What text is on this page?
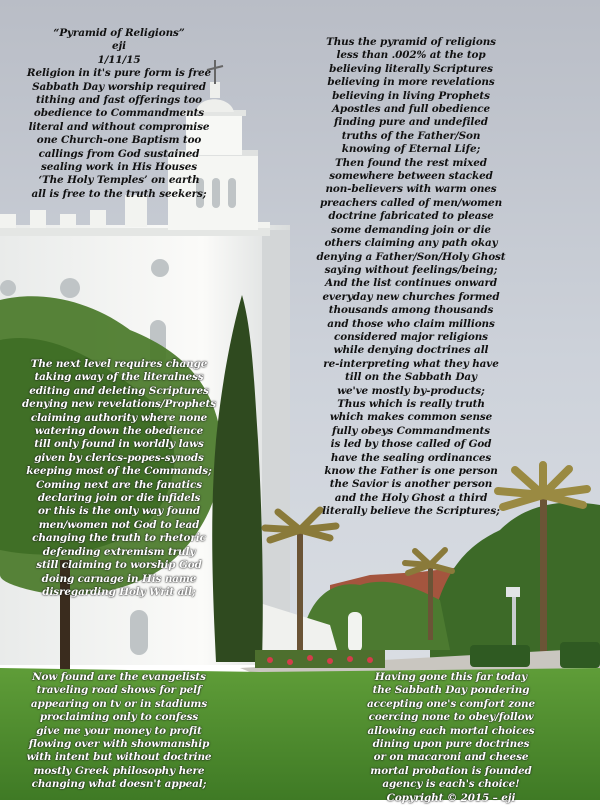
“Pyramid of Religions”
eji
1/11/15
Religion in it's pure form is free
Sabbath Day worship required
tithing and fast offerings too
obedience to Commandments
literal and without compromise
one Church-one Baptism too
callings from God sustained
sealing work in His Houses
‘The Holy Temples’ on earth
all is free to the truth seekers;
Thus the pyramid of religions
less than .002% at the top
believing literally Scriptures
believing in more revelations
believing in living Prophets
Apostles and full obedience
finding pure and undefiled
truths of the Father/Son
knowing of Eternal Life;
Then found the rest mixed
somewhere between stacked
non-believers with warm ones
preachers called of men/women
doctrine fabricated to please
some demanding join or die
others claiming any path okay
denying a Father/Son/Holy Ghost
saying without feelings/being;
And the list continues onward
everyday new churches formed
thousands among thousands
and those who claim millions
considered major religions
while denying doctrines all
re-interpreting what they have
till on the Sabbath Day
we've mostly by-products;
Thus which is really truth
which makes common sense
fully obeys Commandments
is led by those called of God
have the sealing ordinances
know the Father is one person
the Savior is another person
and the Holy Ghost a third
literally believe the Scriptures;
The next level requires change
taking away of the literalness
editing and deleting Scriptures
denying new revelations/Prophets
claiming authority where none
watering down the obedience
till only found in worldly laws
given by clerics-popes-synods
keeping most of the Commands;
Coming next are the fanatics
declaring join or die infidels
or this is the only way found
men/women not God to lead
changing the truth to rhetoric
defending extremism truly
still claiming to worship God
doing carnage in His name
disregarding Holy Writ all;
Now found are the evangelists
traveling road shows for pelf
appearing on tv or in stadiums
proclaiming only to confess
give me your money to profit
flowing over with showmanship
with intent but without doctrine
mostly Greek philosophy here
changing what doesn't appeal;
Having gone this far today
the Sabbath Day pondering
accepting one's comfort zone
coercing none to obey/follow
allowing each mortal choices
dining upon pure doctrines
or on macaroni and cheese
mortal probation is founded
agency is each's choice!
Copyright © 2015 – eji
